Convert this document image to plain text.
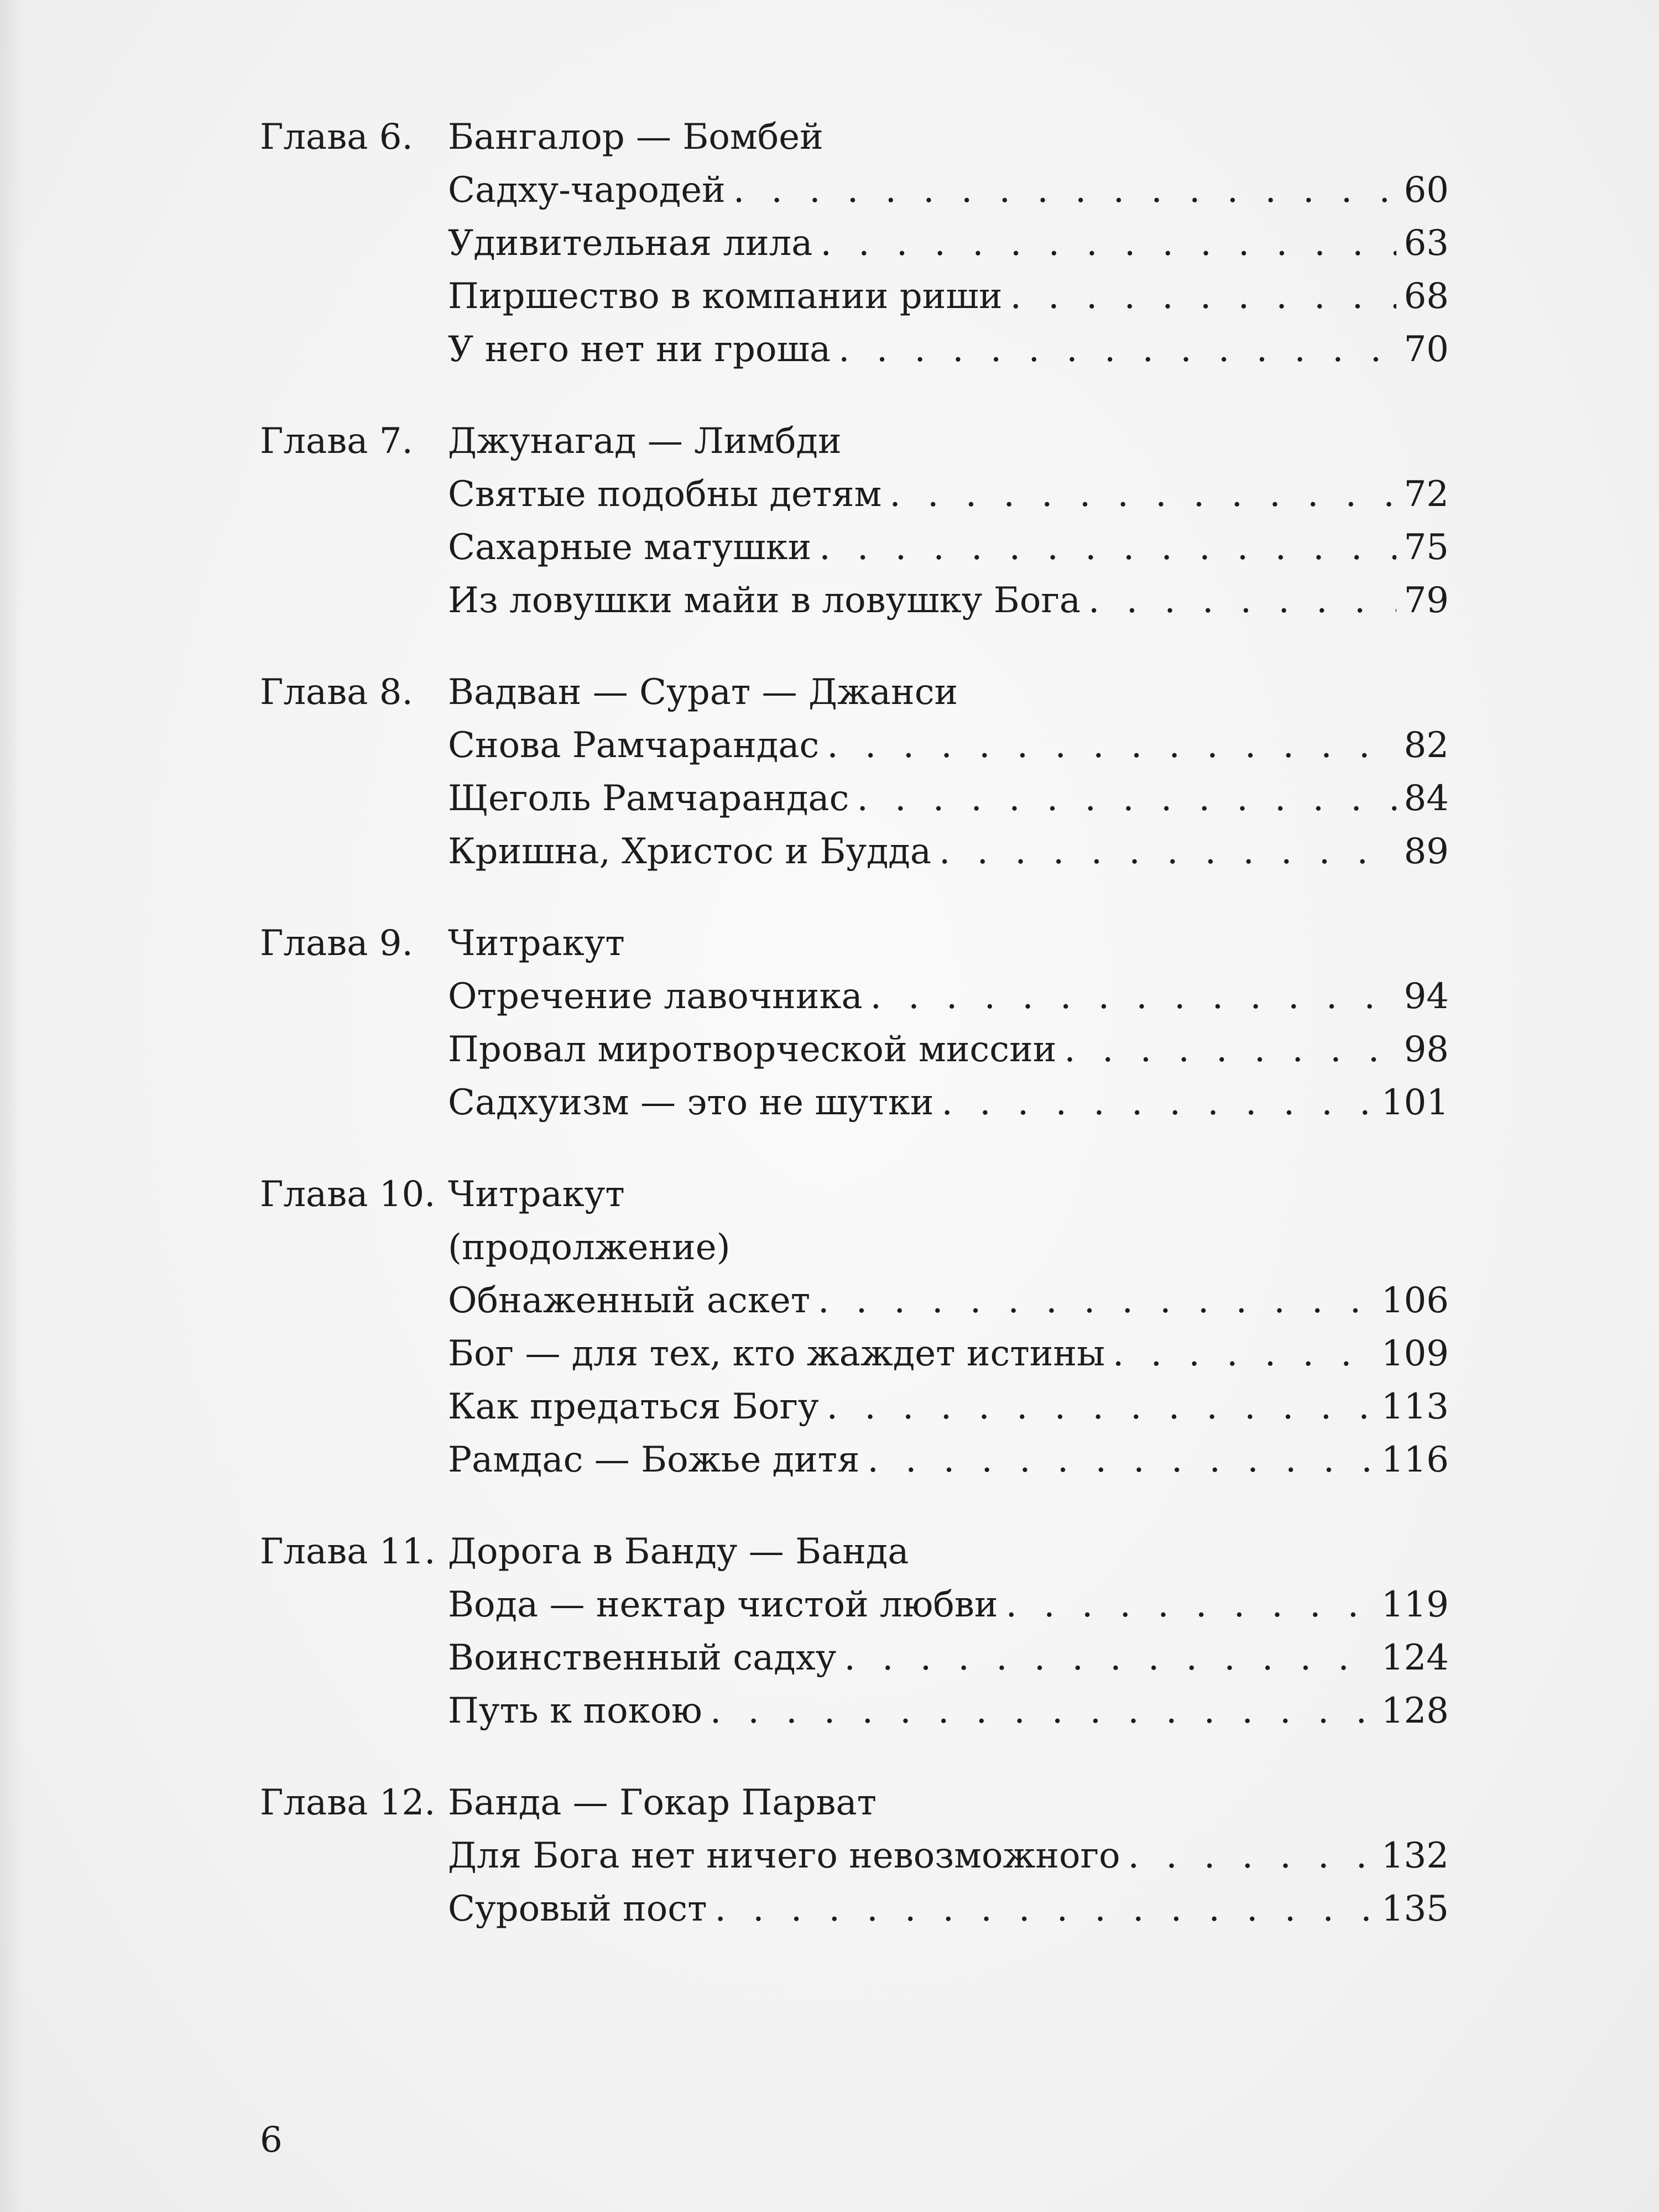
Глава 6. Бангалор — Бомбей
Садху-чародей . . .	60
Удивительная лила . . .	63
Пиршество в компании риши . . .	68
У него нет ни гроша . . .	70
Глава 7. Джунагад — Лимбди
Святые подобны детям . . .	72
Сахарные матушки . . .	75
Из ловушки майи в ловушку Бога . . .	79
Глава 8. Вадван — Сурат — Джанси
Снова Рамчарандас . . .	82
Щеголь Рамчарандас . . .	84
Кришна, Христос и Будда . . .	89
Глава 9. Читракут
Отречение лавочника . . .	94
Провал миротворческой миссии . . .	98
Садхуизм — это не шутки . . .	101
Глава 10. Читракут
(продолжение)
Обнаженный аскет . . .	106
Бог — для тех, кто жаждет истины . . .	109
Как предаться Богу . . .	113
Рамдас — Божье дитя . . .	116
Глава 11. Дорога в Банду — Банда
Вода — нектар чистой любви . . .	119
Воинственный садху . . .	124
Путь к покою . . .	128
Глава 12. Банда — Гокар Парват
Для Бога нет ничего невозможного . . .	132
Суровый пост . . .	135
6
